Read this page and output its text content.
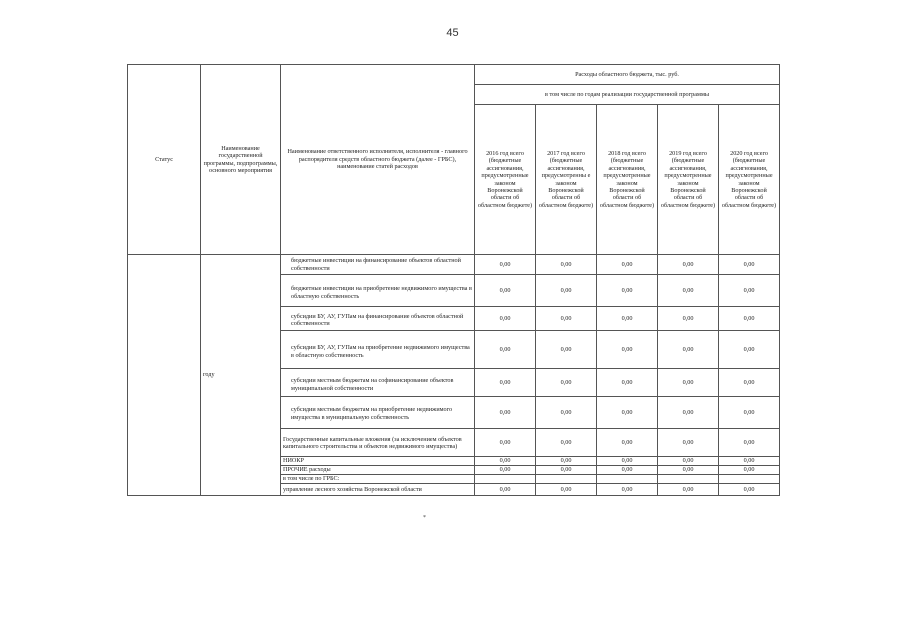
45
Статус	Наименование государственной программы, подпрограммы, основного мероприятия	Наименование ответственного исполнителя, исполнителя - главного распорядителя средств областного бюджета (далее - ГРБС), наименование статей расходов	Расходы областного бюджета, тыс. руб.				
			в том числе по годам реализации государственной программы				
			2016 год всего (бюджетные ассигнования, предусмотренные законом Воронежской области об областном бюджете)	2017 год всего (бюджетные ассигнования, предусмотренны е законом Воронежской области об областном бюджете)	2018 год всего (бюджетные ассигнования, предусмотренные законом Воронежской области об областном бюджете)	2019 год всего (бюджетные ассигнования, предусмотренные законом Воронежской области об областном бюджете)	2020 год всего (бюджетные ассигнования, предусмотренные законом Воронежской области об областном бюджете)
	году	бюджетные инвестиции на финансирование объектов областной собственности	0,00	0,00	0,00	0,00	0,00
		бюджетные инвестиции на приобретение недвижимого имущества в областную собственность	0,00	0,00	0,00	0,00	0,00
		субсидии БУ, АУ, ГУПам на финансирование объектов областной собственности	0,00	0,00	0,00	0,00	0,00
		субсидии БУ, АУ, ГУПам на приобретение недвижимого имущества в областную собственность	0,00	0,00	0,00	0,00	0,00
		субсидии местным бюджетам на софинансирование объектов муниципальной собственности	0,00	0,00	0,00	0,00	0,00
		субсидии местным бюджетам на приобретение недвижимого имущества в муниципальную собственность	0,00	0,00	0,00	0,00	0,00
		Государственные капитальные вложения (за исключением объектов капитального строительства и объектов недвижимого имущества)	0,00	0,00	0,00	0,00	0,00
		НИОКР	0,00	0,00	0,00	0,00	0,00
		ПРОЧИЕ расходы	0,00	0,00	0,00	0,00	0,00
		в том числе по ГРБС:					
		управление лесного хозяйства Воронежской области	0,00	0,00	0,00	0,00	0,00
*
